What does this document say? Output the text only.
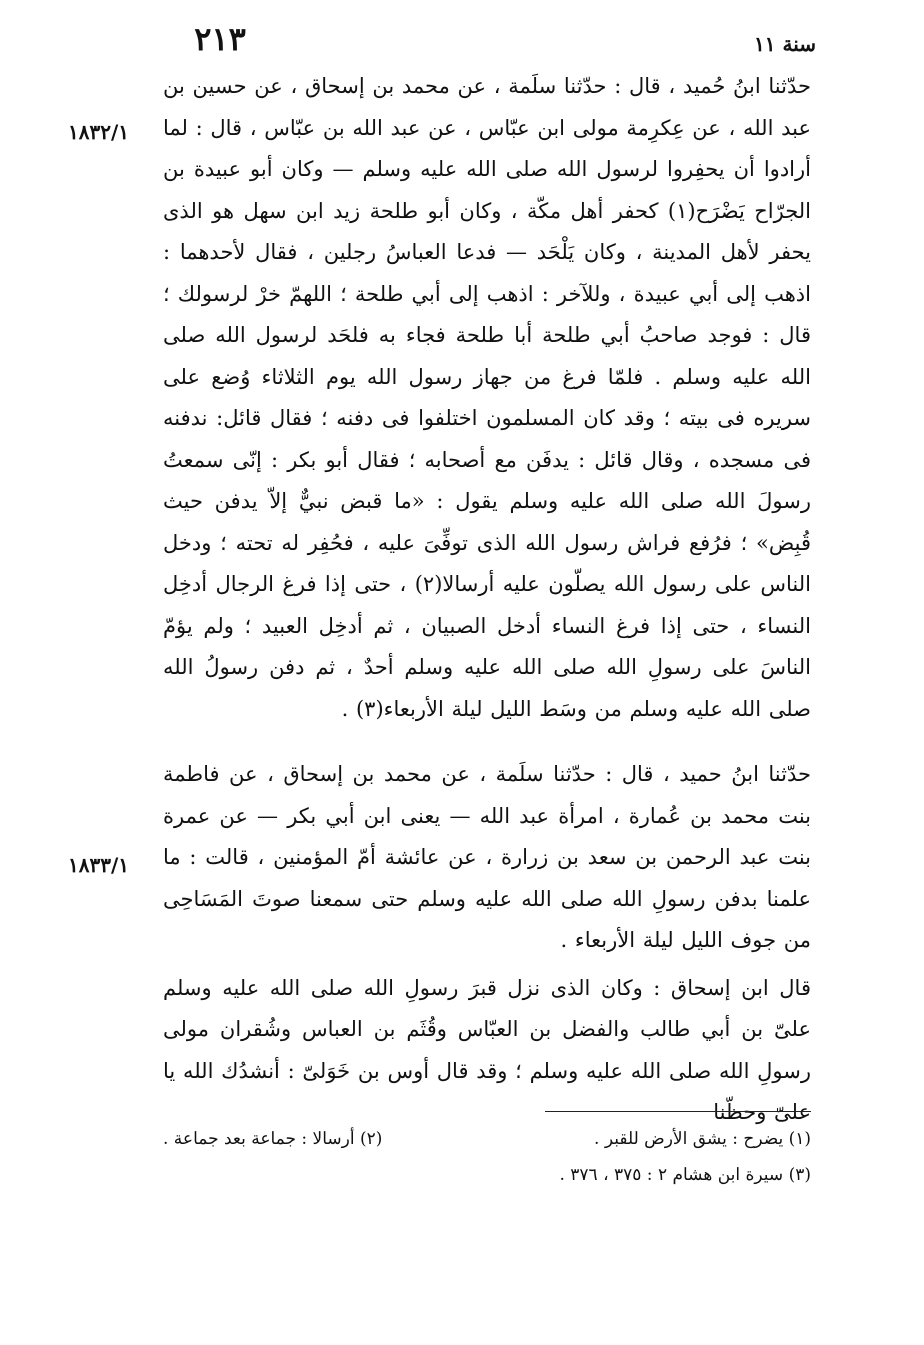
٢١٣	سنة ١١
١٨٣٢/١
١٨٣٣/١

حدّثنا ابنُ حُميد ، قال : حدّثنا سلَمة ، عن محمد بن إسحاق ، عن حسين بن عبد الله ، عن عِكرِمة مولى ابن عبّاس ، عن عبد الله بن عبّاس ، قال : لما أرادوا أن يحفِروا لرسول الله صلى الله عليه وسلم — وكان أبو عبيدة بن الجرّاح يَضْرَح(١) كحفر أهل مكّة ، وكان أبو طلحة زيد ابن سهل هو الذى يحفر لأهل المدينة ، وكان يَلْحَد — فدعا العباسُ رجلين ، فقال لأحدهما : اذهب إلى أبي عبيدة ، وللآخر : اذهب إلى أبي طلحة ؛ اللهمّ خرْ لرسولك ؛ قال : فوجد صاحبُ أبي طلحة أبا طلحة فجاء به فلحَد لرسول الله صلى الله عليه وسلم . فلمّا فرغ من جهاز رسول الله يوم الثلاثاء وُضع على سريره فى بيته ؛ وقد كان المسلمون اختلفوا فى دفنه ؛ فقال قائل: ندفنه فى مسجده ، وقال قائل : يدفَن مع أصحابه ؛ فقال أبو بكر : إنّى سمعتُ رسولَ الله صلى الله عليه وسلم يقول : «ما قبض نبيٌّ إلاّ يدفن حيث قُبِض» ؛ فرُفع فراش رسول الله الذى توفِّىَ عليه ، فحُفِر له تحته ؛ ودخل الناس على رسول الله يصلّون عليه أرسالا(٢) ، حتى إذا فرغ الرجال أدخِل النساء ، حتى إذا فرغ النساء أدخل الصبيان ، ثم أدخِل العبيد ؛ ولم يؤمّ الناسَ على رسولِ الله صلى الله عليه وسلم أحدٌ ، ثم دفن رسولُ الله صلى الله عليه وسلم من وسَط الليل ليلة الأربعاء(٣) .

حدّثنا ابنُ حميد ، قال : حدّثنا سلَمة ، عن محمد بن إسحاق ، عن فاطمة بنت محمد بن عُمارة ، امرأة عبد الله — يعنى ابن أبي بكر — عن عمرة بنت عبد الرحمن بن سعد بن زرارة ، عن عائشة أمّ المؤمنين ، قالت : ما علمنا بدفن رسولِ الله صلى الله عليه وسلم حتى سمعنا صوتَ المَسَاحِى من جوف الليل ليلة الأربعاء .

قال ابن إسحاق : وكان الذى نزل قبرَ رسولِ الله صلى الله عليه وسلم علىّ بن أبي طالب والفضل بن العبّاس وقُثَم بن العباس وشُقران مولى رسولِ الله صلى الله عليه وسلم ؛ وقد قال أوس بن خَوَلىّ : أنشدُك الله يا علىّ وحظّنا

(١) يضرح : يشق الأرض للقبر .
(٢) أرسالا : جماعة بعد جماعة .
(٣) سيرة ابن هشام ٢ : ٣٧٥ ، ٣٧٦ .
